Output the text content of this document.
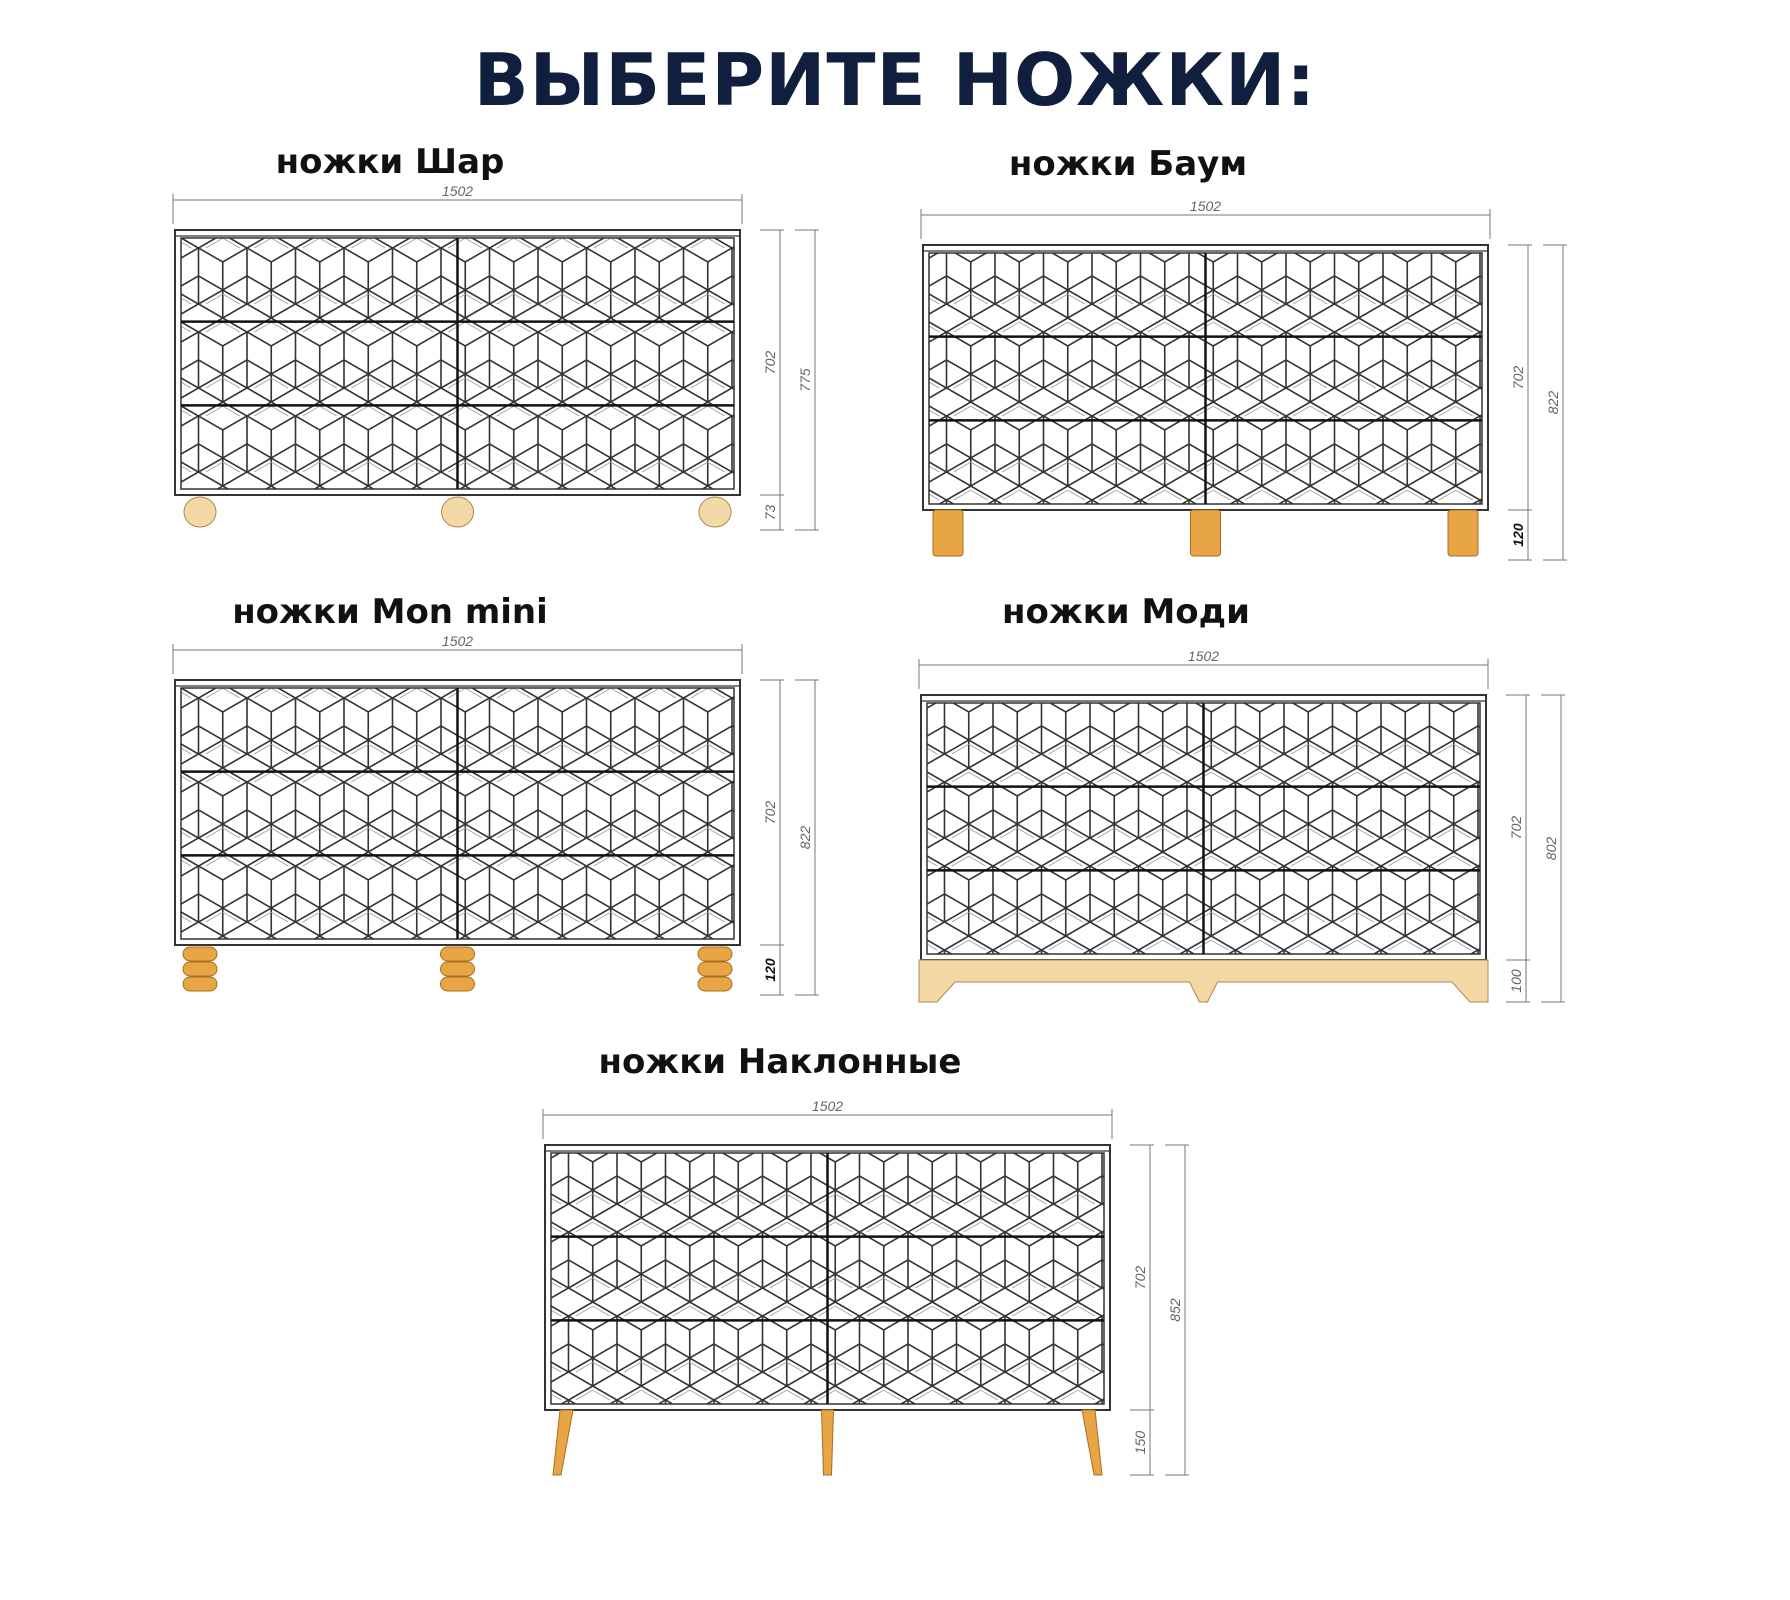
ВЫБЕРИТЕ НОЖКИ:
ножки Шар
1502
702
775
73
ножки Баум
1502
702
822
120
ножки Mon mini
1502
702
822
120
ножки Моди
1502
702
802
100
ножки Наклонные
1502
702
852
150
